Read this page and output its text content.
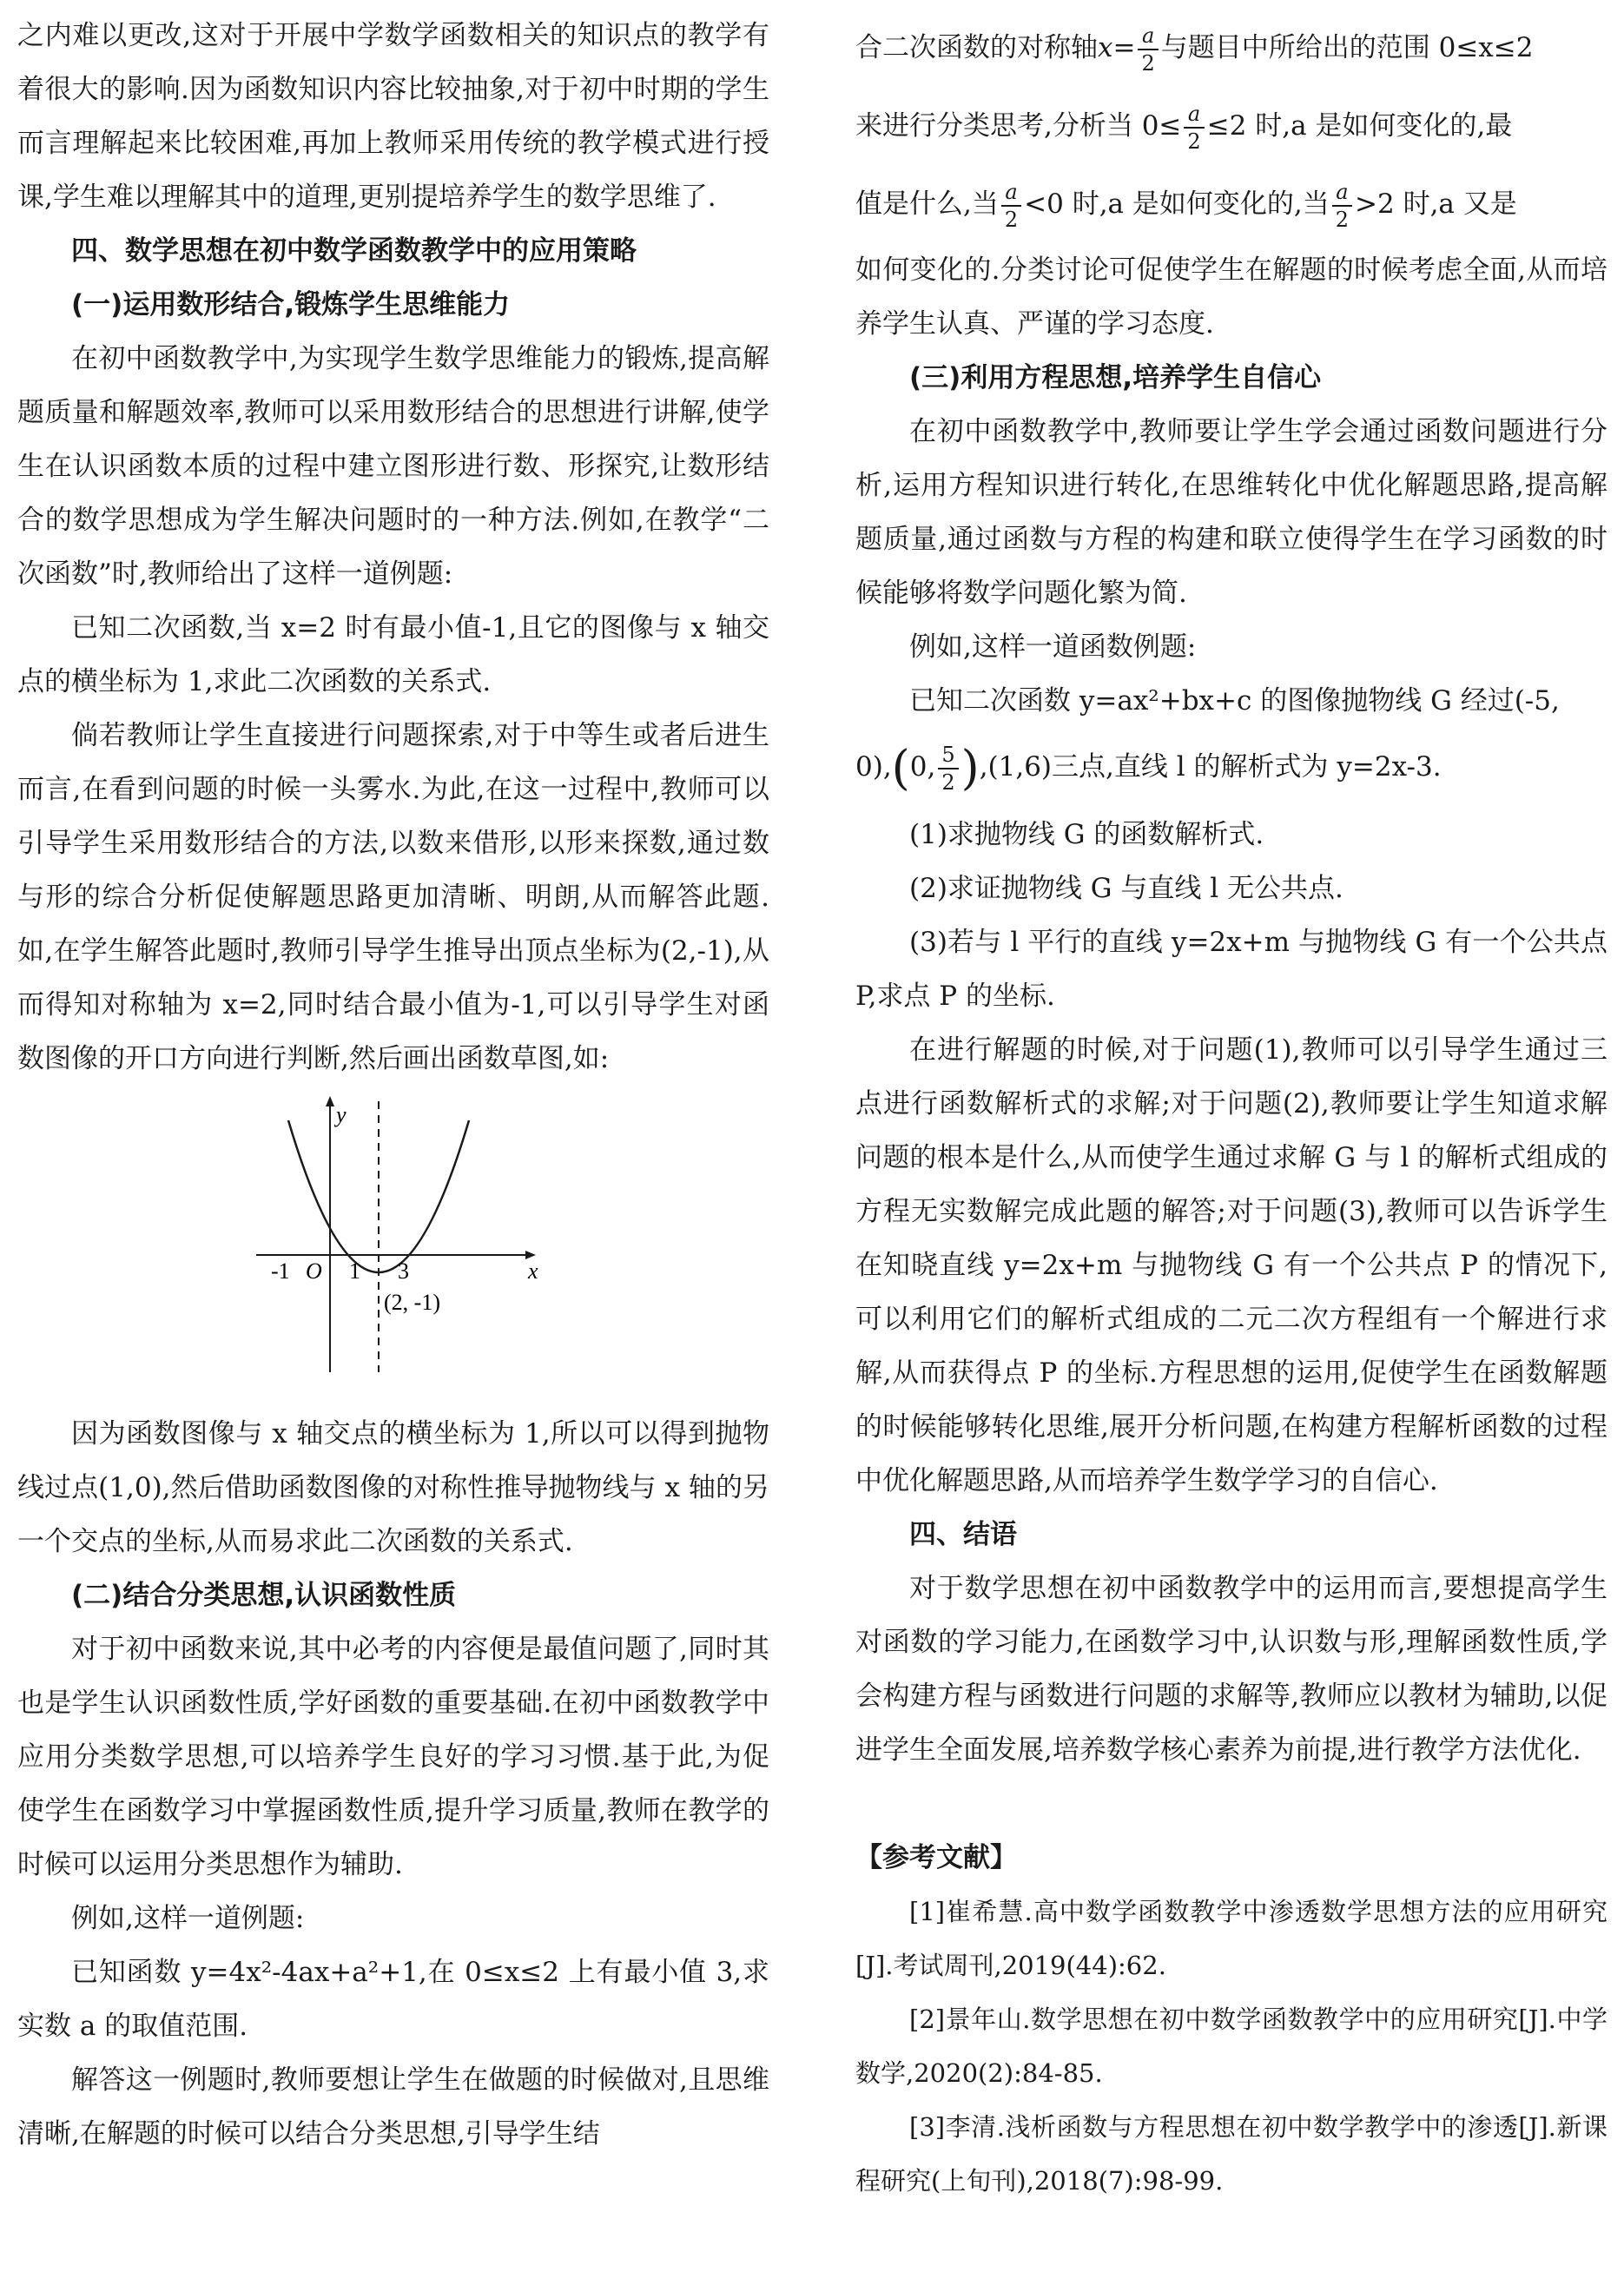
之内难以更改,这对于开展中学数学函数相关的知识点的教学有着很大的影响.因为函数知识内容比较抽象,对于初中时期的学生而言理解起来比较困难,再加上教师采用传统的教学模式进行授课,学生难以理解其中的道理,更别提培养学生的数学思维了.

四、数学思想在初中数学函数教学中的应用策略

(一)运用数形结合,锻炼学生思维能力

在初中函数教学中,为实现学生数学思维能力的锻炼,提高解题质量和解题效率,教师可以采用数形结合的思想进行讲解,使学生在认识函数本质的过程中建立图形进行数、形探究,让数形结合的数学思想成为学生解决问题时的一种方法.例如,在教学“二次函数”时,教师给出了这样一道例题:

已知二次函数,当 x=2 时有最小值-1,且它的图像与 x 轴交点的横坐标为 1,求此二次函数的关系式.

倘若教师让学生直接进行问题探索,对于中等生或者后进生而言,在看到问题的时候一头雾水.为此,在这一过程中,教师可以引导学生采用数形结合的方法,以数来借形,以形来探数,通过数与形的综合分析促使解题思路更加清晰、明朗,从而解答此题.如,在学生解答此题时,教师引导学生推导出顶点坐标为(2,-1),从而得知对称轴为 x=2,同时结合最小值为-1,可以引导学生对函数图像的开口方向进行判断,然后画出函数草图,如:

y
x
O
-1	1 3
(2, -1)

因为函数图像与 x 轴交点的横坐标为 1,所以可以得到抛物线过点(1,0),然后借助函数图像的对称性推导抛物线与 x 轴的另一个交点的坐标,从而易求此二次函数的关系式.

(二)结合分类思想,认识函数性质

对于初中函数来说,其中必考的内容便是最值问题了,同时其也是学生认识函数性质,学好函数的重要基础.在初中函数教学中应用分类数学思想,可以培养学生良好的学习习惯.基于此,为促使学生在函数学习中掌握函数性质,提升学习质量,教师在教学的时候可以运用分类思想作为辅助.

例如,这样一道例题:

已知函数 y=4x²-4ax+a²+1,在 0≤x≤2 上有最小值 3,求实数 a 的取值范围.

解答这一例题时,教师要想让学生在做题的时候做对,且思维清晰,在解题的时候可以结合分类思想,引导学生结

合二次函数的对称轴$x= \frac{a}{2}$ 与题目中所给出的范围 0≤x≤2

来进行分类思考,分析当 $0\le \frac{a}{2} \le 2$ 时,a 是如何变化的,最

值是什么,当 $\frac{a}{2} <0$ 时,a 是如何变化的,当 $\frac{a}{2} >2$ 时,a 又是

如何变化的.分类讨论可促使学生在解题的时候考虑全面,从而培养学生认真、严谨的学习态度.

(三)利用方程思想,培养学生自信心

在初中函数教学中,教师要让学生学会通过函数问题进行分析,运用方程知识进行转化,在思维转化中优化解题思路,提高解题质量,通过函数与方程的构建和联立使得学生在学习函数的时候能够将数学问题化繁为简.

例如,这样一道函数例题:

已知二次函数 y=ax²+bx+c 的图像抛物线 G 经过(-5,

0),(0, $\frac{5}{2} ),(1,6)$三点,直线 l 的解析式为 y=2x-3.

(1)求抛物线 G 的函数解析式.

(2)求证抛物线 G 与直线 l 无公共点.

(3)若与 l 平行的直线 y=2x+m 与抛物线 G 有一个公共点 P,求点 P 的坐标.

在进行解题的时候,对于问题(1),教师可以引导学生通过三点进行函数解析式的求解;对于问题(2),教师要让学生知道求解问题的根本是什么,从而使学生通过求解 G 与 l 的解析式组成的方程无实数解完成此题的解答;对于问题(3),教师可以告诉学生在知晓直线 y=2x+m 与抛物线 G 有一个公共点 P 的情况下,可以利用它们的解析式组成的二元二次方程组有一个解进行求解,从而获得点 P 的坐标.方程思想的运用,促使学生在函数解题的时候能够转化思维,展开分析问题,在构建方程解析函数的过程中优化解题思路,从而培养学生数学学习的自信心.

四、结语

对于数学思想在初中函数教学中的运用而言,要想提高学生对函数的学习能力,在函数学习中,认识数与形,理解函数性质,学会构建方程与函数进行问题的求解等,教师应以教材为辅助,以促进学生全面发展,培养数学核心素养为前提,进行教学方法优化.

【参考文献】

[1]崔希慧.高中数学函数教学中渗透数学思想方法的应用研究[J].考试周刊,2019(44):62.

[2]景年山.数学思想在初中数学函数教学中的应用研究[J].中学数学,2020(2):84-85.

[3]李清.浅析函数与方程思想在初中数学教学中的渗透[J].新课程研究(上旬刊),2018(7):98-99.
